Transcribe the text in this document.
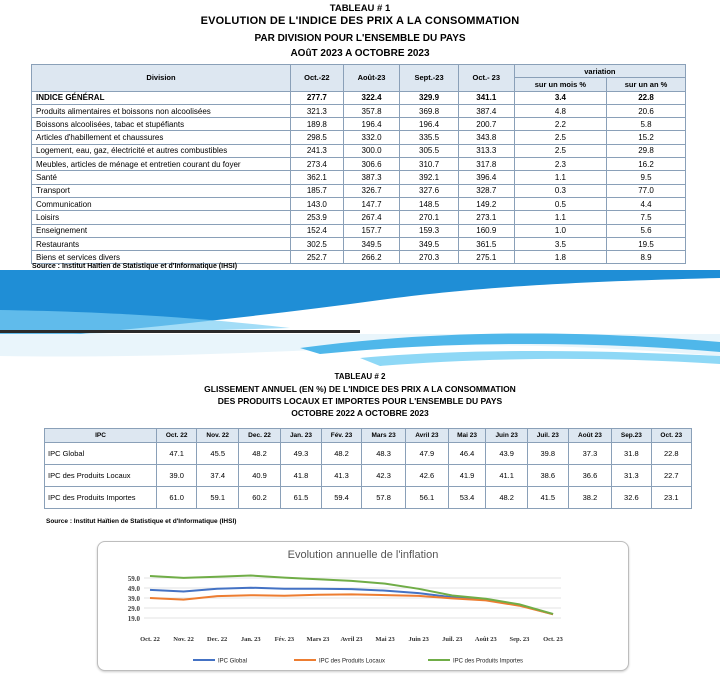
TABLEAU # 1
EVOLUTION DE L'INDICE DES PRIX A LA CONSOMMATION
PAR DIVISION POUR L'ENSEMBLE DU PAYS
AOûT 2023 A OCTOBRE 2023
Division	Oct.-22	Août-23	Sept.-23	Oct.- 23	variation	
					sur un mois %	sur un an %
INDICE GÉNÉRAL	277.7	322.4	329.9	341.1	3.4	22.8
Produits alimentaires et boissons non alcoolisées	321.3	357.8	369.8	387.4	4.8	20.6
Boissons alcoolisées, tabac et stupéfiants	189.8	196.4	196.4	200.7	2.2	5.8
Articles d'habillement et chaussures	298.5	332.0	335.5	343.8	2.5	15.2
Logement, eau, gaz, électricité et autres combustibles	241.3	300.0	305.5	313.3	2.5	29.8
Meubles, articles de ménage et entretien courant du foyer	273.4	306.6	310.7	317.8	2.3	16.2
Santé	362.1	387.3	392.1	396.4	1.1	9.5
Transport	185.7	326.7	327.6	328.7	0.3	77.0
Communication	143.0	147.7	148.5	149.2	0.5	4.4
Loisirs	253.9	267.4	270.1	273.1	1.1	7.5
Enseignement	152.4	157.7	159.3	160.9	1.0	5.6
Restaurants	302.5	349.5	349.5	361.5	3.5	19.5
Biens et services divers	252.7	266.2	270.3	275.1	1.8	8.9
Source : Institut Haïtien de Statistique et d'Informatique (IHSI)
TABLEAU # 2
GLISSEMENT ANNUEL (EN %) DE L'INDICE DES PRIX A LA CONSOMMATION
DES PRODUITS LOCAUX ET IMPORTES POUR L'ENSEMBLE DU PAYS
OCTOBRE 2022 A OCTOBRE 2023
IPC	Oct. 22	Nov. 22	Dec. 22	Jan. 23	Fév. 23	Mars 23	Avril 23	Mai 23	Juin 23	Juil. 23	Août 23	Sep.23	Oct. 23
IPC Global	47.1	45.5	48.2	49.3	48.2	48.3	47.9	46.4	43.9	39.8	37.3	31.8	22.8
IPC des Produits Locaux	39.0	37.4	40.9	41.8	41.3	42.3	42.6	41.9	41.1	38.6	36.6	31.3	22.7
IPC des Produits Importes	61.0	59.1	60.2	61.5	59.4	57.8	56.1	53.4	48.2	41.5	38.2	32.6	23.1
Source : Institut Haïtien de Statistique et d'Informatique (IHSI)
Evolution annuelle de l'inflation
59.0
49.0
39.0
29.0
19.0
Oct. 22 Nov. 22 Dec. 22 Jan. 23 Fév. 23 Mars 23 Avril 23 Mai 23 Juin 23 Juil. 23 Août 23 Sep. 23 Oct. 23
IPC Global	IPC des Produits Locaux	IPC des Produits Importes
